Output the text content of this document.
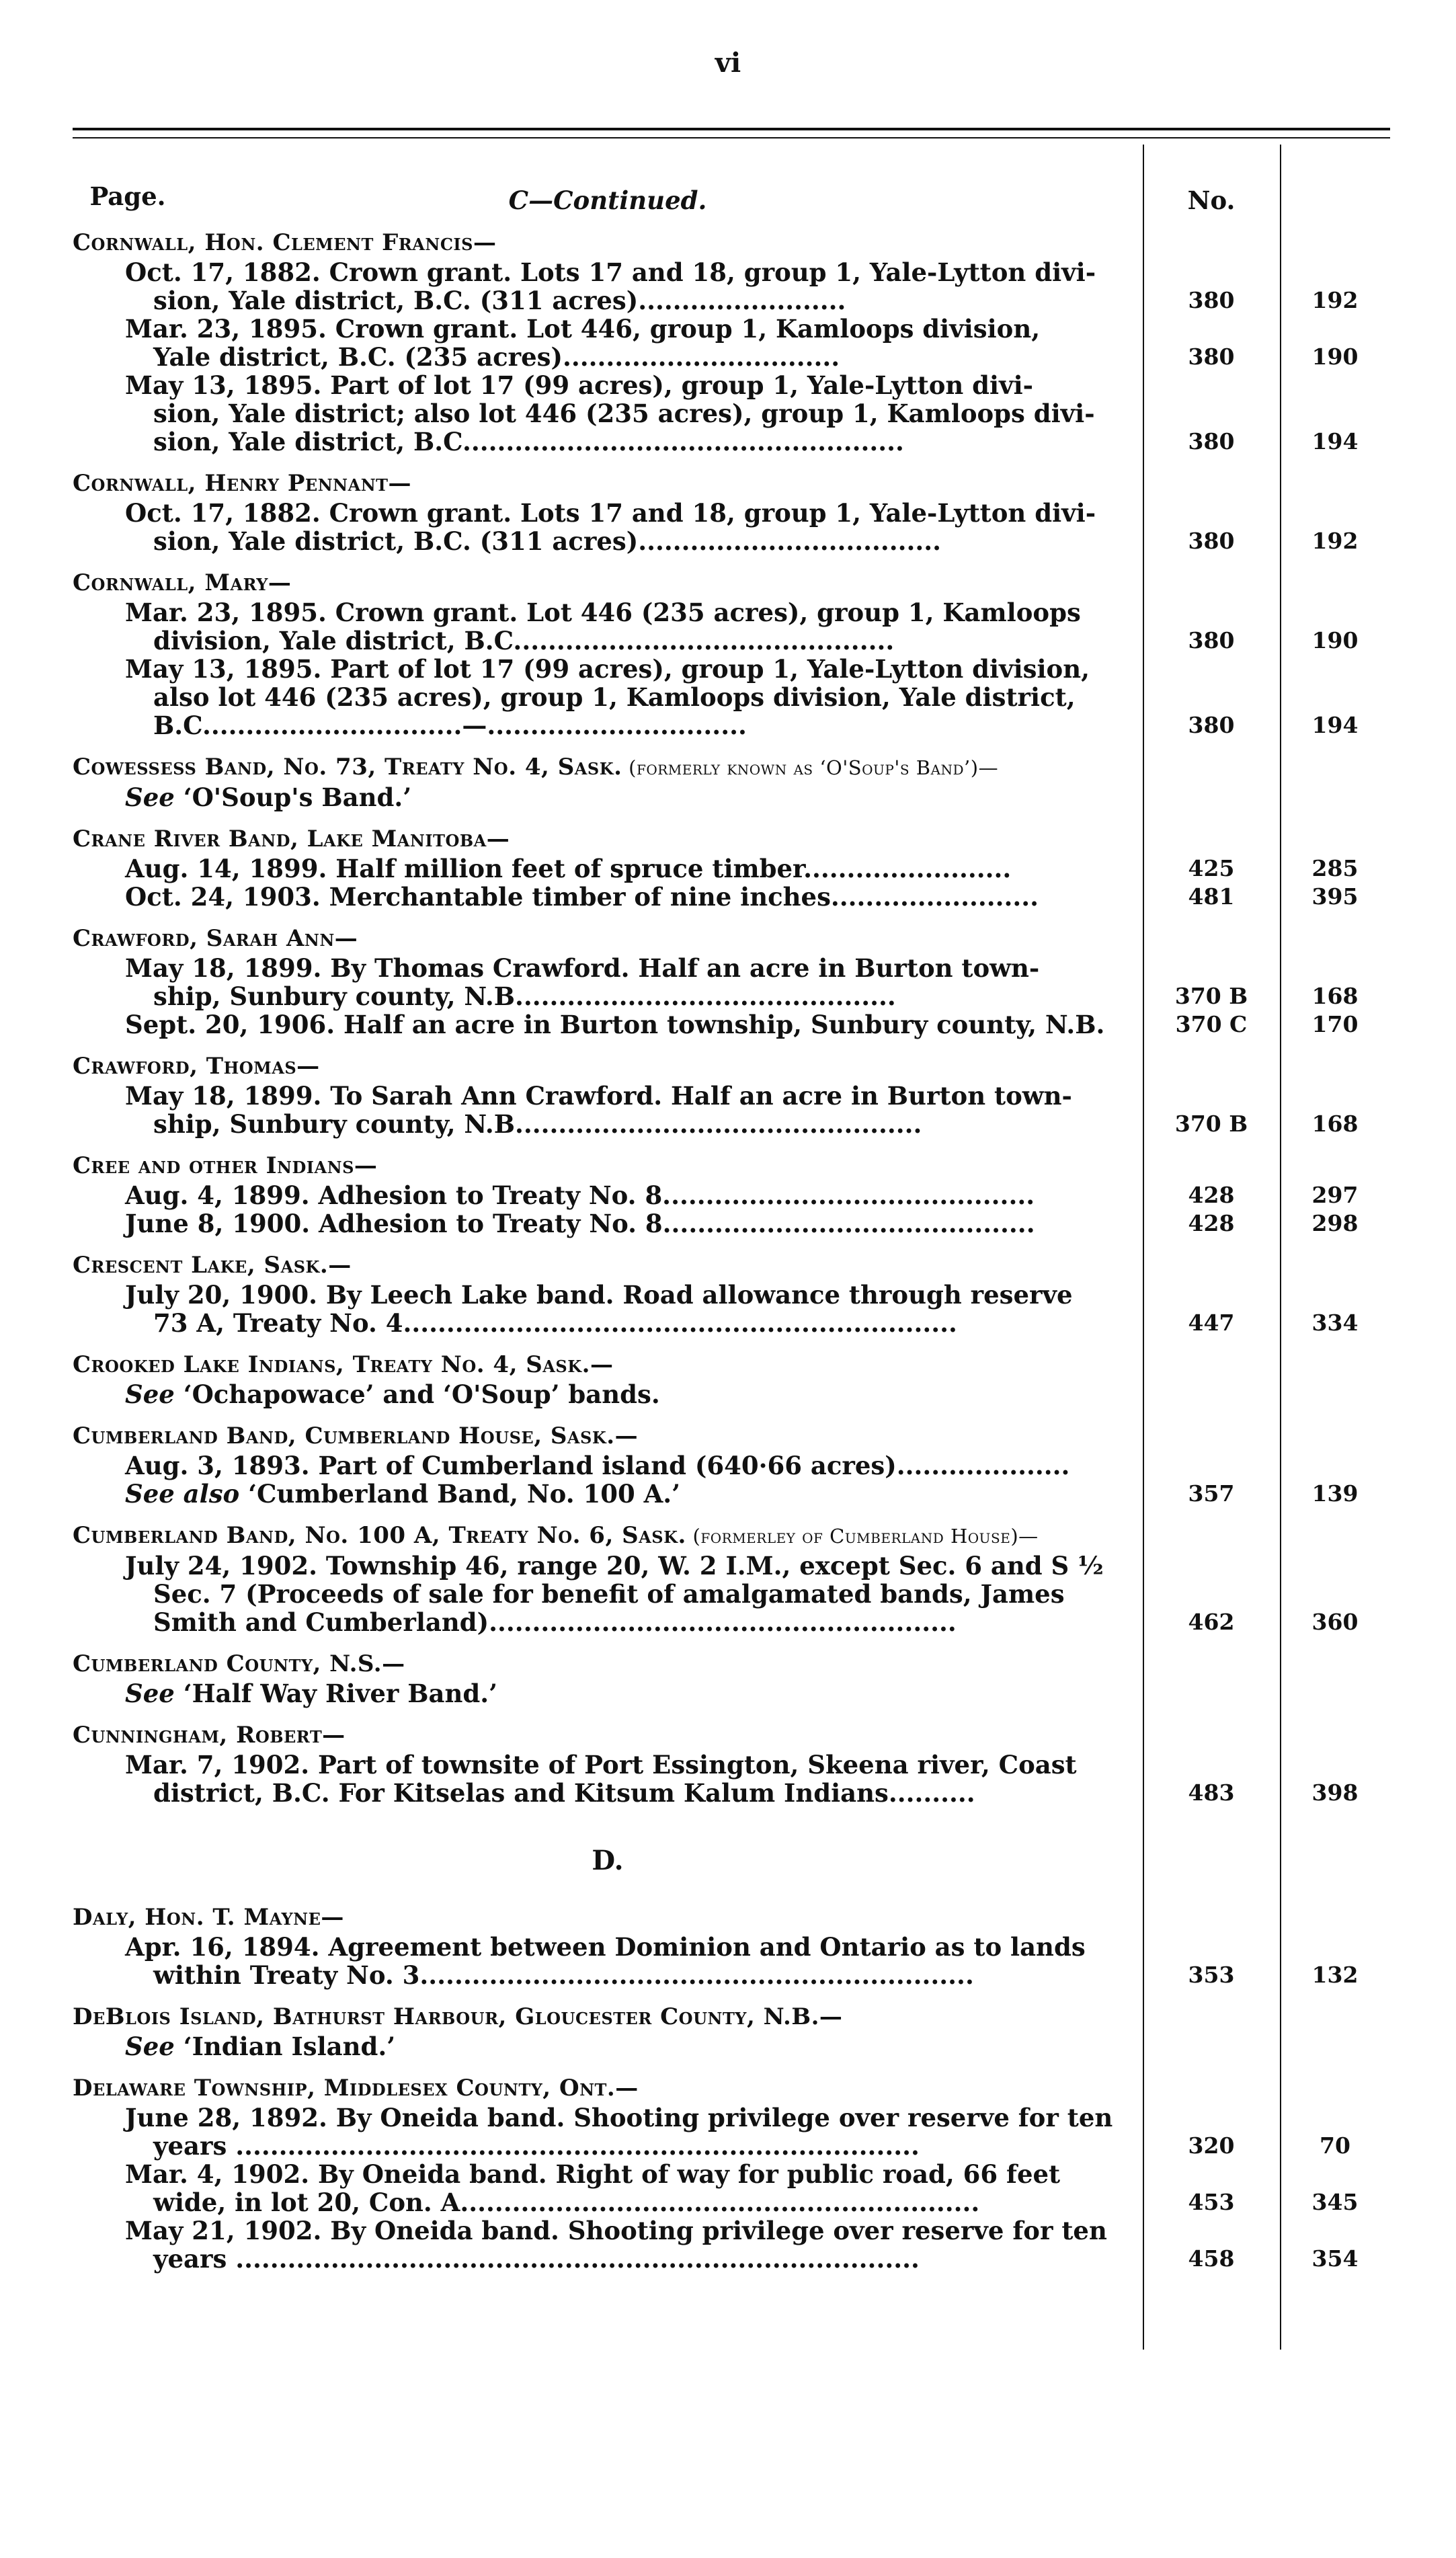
vi
C—Continued.	No.
Page.
Cornwall, Hon. Clement Francis—
Oct. 17, 1882. Crown grant. Lots 17 and 18, group 1, Yale-Lytton divi-
sion, Yale district, B.C. (311 acres)........................	380	192
Mar. 23, 1895. Crown grant. Lot 446, group 1, Kamloops division,
Yale district, B.C. (235 acres)................................	380	190
May 13, 1895. Part of lot 17 (99 acres), group 1, Yale-Lytton divi-
sion, Yale district; also lot 446 (235 acres), group 1, Kamloops divi-
sion, Yale district, B.C...................................................	380	194
Cornwall, Henry Pennant—
Oct. 17, 1882. Crown grant. Lots 17 and 18, group 1, Yale-Lytton divi-
sion, Yale district, B.C. (311 acres)...................................	380	192
Cornwall, Mary—
Mar. 23, 1895. Crown grant. Lot 446 (235 acres), group 1, Kamloops
division, Yale district, B.C............................................	380	190
May 13, 1895. Part of lot 17 (99 acres), group 1, Yale-Lytton division,
also lot 446 (235 acres), group 1, Kamloops division, Yale district,
B.C..............................—..............................	380	194
Cowessess Band, No. 73, Treaty No. 4, Sask. (formerly known as ‘O'Soup's Band’)—
See ‘O'Soup's Band.’
Crane River Band, Lake Manitoba—
Aug. 14, 1899. Half million feet of spruce timber........................	425	285
Oct. 24, 1903. Merchantable timber of nine inches........................	481	395
Crawford, Sarah Ann—
May 18, 1899. By Thomas Crawford. Half an acre in Burton town-
ship, Sunbury county, N.B............................................	370 B	168
Sept. 20, 1906. Half an acre in Burton township, Sunbury county, N.B.	370 C	170
Crawford, Thomas—
May 18, 1899. To Sarah Ann Crawford. Half an acre in Burton town-
ship, Sunbury county, N.B...............................................	370 B	168
Cree and other Indians—
Aug. 4, 1899. Adhesion to Treaty No. 8...........................................	428	297
June 8, 1900. Adhesion to Treaty No. 8...........................................	428	298
Crescent Lake, Sask.—
July 20, 1900. By Leech Lake band. Road allowance through reserve
73 A, Treaty No. 4................................................................	447	334
Crooked Lake Indians, Treaty No. 4, Sask.—
See ‘Ochapowace’ and ‘O'Soup’ bands.
Cumberland Band, Cumberland House, Sask.—
Aug. 3, 1893. Part of Cumberland island (640·66 acres)....................
See also ‘Cumberland Band, No. 100 A.’	357	139
Cumberland Band, No. 100 A, Treaty No. 6, Sask. (formerley of Cumberland House)—
July 24, 1902. Township 46, range 20, W. 2 I.M., except Sec. 6 and S ½
Sec. 7 (Proceeds of sale for benefit of amalgamated bands, James
Smith and Cumberland)......................................................	462	360
Cumberland County, N.S.—
See ‘Half Way River Band.’
Cunningham, Robert—
Mar. 7, 1902. Part of townsite of Port Essington, Skeena river, Coast
district, B.C. For Kitselas and Kitsum Kalum Indians..........	483	398
D.
Daly, Hon. T. Mayne—
Apr. 16, 1894. Agreement between Dominion and Ontario as to lands
within Treaty No. 3................................................................	353	132
DeBlois Island, Bathurst Harbour, Gloucester County, N.B.—
See ‘Indian Island.’
Delaware Township, Middlesex County, Ont.—
June 28, 1892. By Oneida band. Shooting privilege over reserve for ten
years ...............................................................................	320	70
Mar. 4, 1902. By Oneida band. Right of way for public road, 66 feet
wide, in lot 20, Con. A............................................................	453	345
May 21, 1902. By Oneida band. Shooting privilege over reserve for ten
years ...............................................................................	458	354
